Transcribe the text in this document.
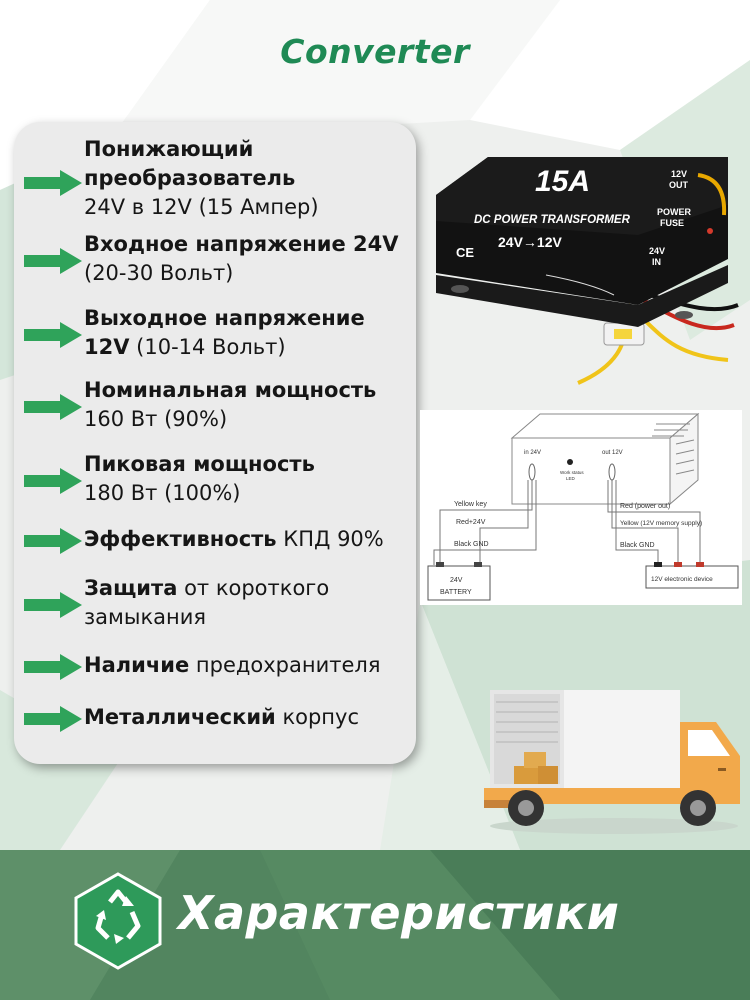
Converter
Понижающий преобразователь
24V в 12V (15 Ампер)
Входное напряжение 24V
(20-30 Вольт)
Выходное напряжение 12V (10-14 Вольт)
Номинальная мощность
160 Вт (90%)
Пиковая мощность
180 Вт (100%)
Эффективность КПД 90%
Защита от короткого замыкания
Наличие предохранителя
Металлический корпус
15A
DC POWER TRANSFORMER
24V→12V
12V
OUT
POWER
FUSE
24V
IN
CE
in 24V	out 12V
Work status
LED
Yellow key
Red+24V
Black GND
Red (power out)
Yellow (12V memory supply)
Black GND
24V
BATTERY
12V electronic device
Характеристики
